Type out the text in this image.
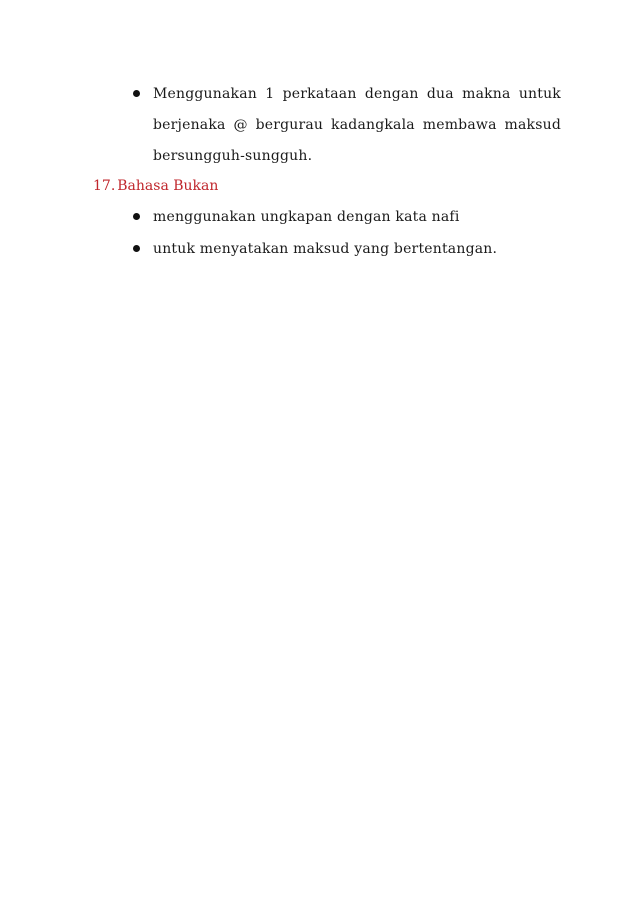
Menggunakan 1 perkataan dengan dua makna untuk
berjenaka @ bergurau kadangkala membawa maksud
bersungguh-sungguh.
17. Bahasa Bukan
menggunakan ungkapan dengan kata nafi
untuk menyatakan maksud yang bertentangan.
